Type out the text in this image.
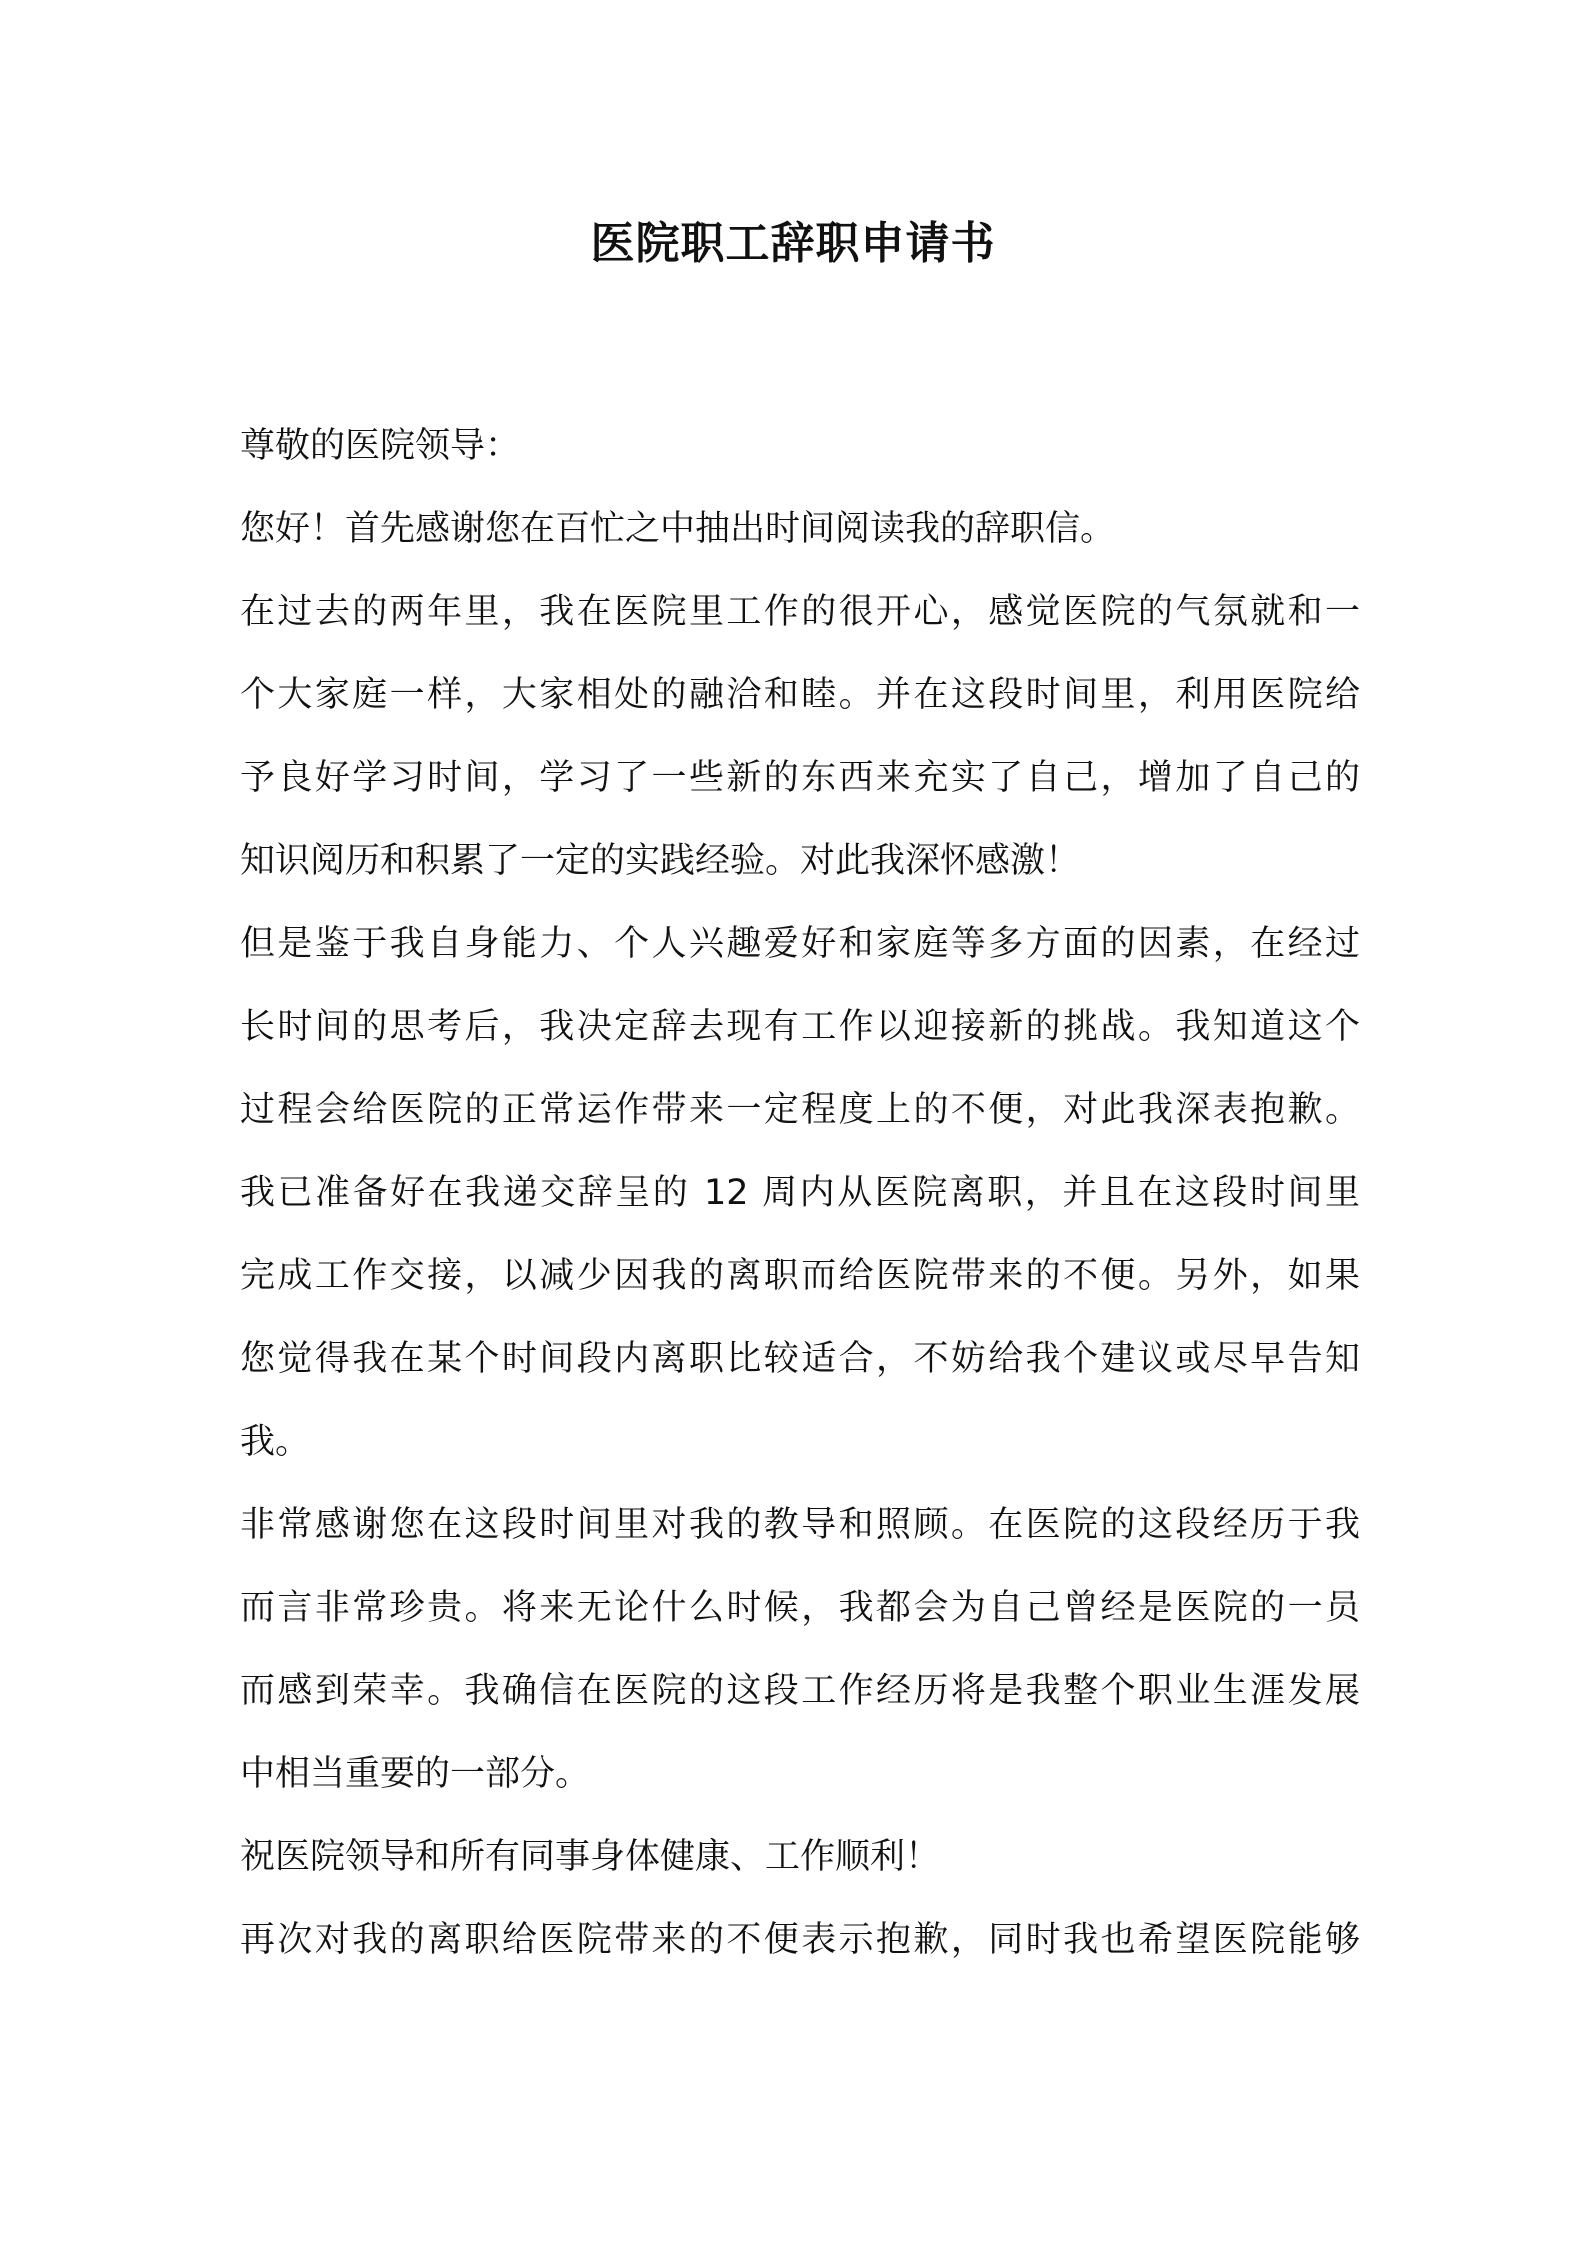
医院职工辞职申请书
尊敬的医院领导：
您好！首先感谢您在百忙之中抽出时间阅读我的辞职信。
在过去的两年里，我在医院里工作的很开心，感觉医院的气氛就和一
个大家庭一样，大家相处的融洽和睦。并在这段时间里，利用医院给
予良好学习时间，学习了一些新的东西来充实了自己，增加了自己的
知识阅历和积累了一定的实践经验。对此我深怀感激！
但是鉴于我自身能力、个人兴趣爱好和家庭等多方面的因素，在经过
长时间的思考后，我决定辞去现有工作以迎接新的挑战。我知道这个
过程会给医院的正常运作带来一定程度上的不便，对此我深表抱歉。
我已准备好在我递交辞呈的 12 周内从医院离职，并且在这段时间里
完成工作交接，以减少因我的离职而给医院带来的不便。另外，如果
您觉得我在某个时间段内离职比较适合，不妨给我个建议或尽早告知
我。
非常感谢您在这段时间里对我的教导和照顾。在医院的这段经历于我
而言非常珍贵。将来无论什么时候，我都会为自己曾经是医院的一员
而感到荣幸。我确信在医院的这段工作经历将是我整个职业生涯发展
中相当重要的一部分。
祝医院领导和所有同事身体健康、工作顺利！
再次对我的离职给医院带来的不便表示抱歉，同时我也希望医院能够
